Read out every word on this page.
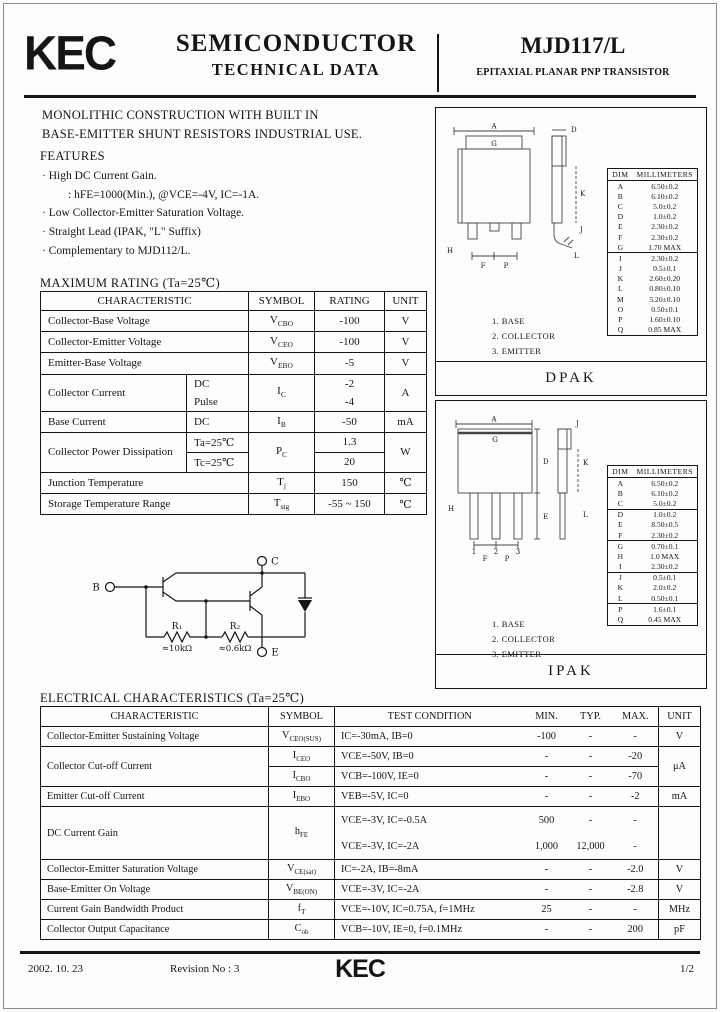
KEC	SEMICONDUCTOR
TECHNICAL DATA
MJD117/L
EPITAXIAL PLANAR PNP TRANSISTOR
MONOLITHIC CONSTRUCTION WITH BUILT IN
BASE-EMITTER SHUNT RESISTORS INDUSTRIAL USE.
FEATURES
· High DC Current Gain.
: hFE=1000(Min.), @VCE=-4V, IC=-1A.
· Low Collector-Emitter Saturation Voltage.
· Straight Lead (IPAK, "L" Suffix)
· Complementary to MJD112/L.
MAXIMUM RATING (Ta=25℃)
CHARACTERISTIC		SYMBOL	RATING	UNIT
Collector-Base Voltage		$V_{CBO}$	-100	V
Collector-Emitter Voltage		$V_{CEO}$	-100	V
Emitter-Base Voltage		$V_{EBO}$	-5	V
Collector Current	DC	$I_C$	-2	A
	Pulse		-4	
Base Current	DC	$I_B$	-50	mA
Collector Power Dissipation	Ta=25℃	$P_C$	1.3	W
	Tc=25℃		20	
Junction Temperature		$T_j$	150	℃
Storage Temperature Range		$T_{stg}$	-55 ~ 150	℃
B
C
E
R₁
≈10kΩ
R₂
≈0.6kΩ
A
G
H
F	P
D
K
J
L
DIM	MILLIMETERS
A	6.50±0.2
B	6.10±0.2
C	5.0±0.2
D	1.0±0.2
E	2.30±0.2
F	2.30±0.2
G	1.70 MAX
I	2.30±0.2
J	0.5±0.1
K	2.60±0.20
L	0.80±0.10
M	5.20±0.10
O	0.50±0.1
P	1.60±0.10
Q	0.85 MAX
1. BASE
2. COLLECTOR
3. EMITTER
DPAK
A
G
D
E
H
F P
1	2	3
J
K
L
DIM	MILLIMETERS
A	6.50±0.2
B	6.10±0.2
C	5.0±0.2
D	1.0±0.2
E	8.50±0.5
F	2.30±0.2
G	0.70±0.1
H	1.0 MAX
I	2.30±0.2
J	0.5±0.1
K	2.0±0.2
L	0.50±0.1
P	1.6±0.1
Q	0.45 MAX
1. BASE
2. COLLECTOR
3. EMITTER
IPAK
ELECTRICAL CHARACTERISTICS (Ta=25℃)
CHARACTERISTIC	SYMBOL	TEST CONDITION	MIN.	TYP.	MAX.	UNIT
Collector-Emitter Sustaining Voltage	$V_{CEO(SUS)}$	IC=-30mA, IB=0	-100	-	-	V
Collector Cut-off Current	$I_{CEO}$	VCE=-50V, IB=0	-	-	-20	μA
	$I_{CBO}$	VCB=-100V, IE=0	-	-	-70	
Emitter Cut-off Current	$I_{EBO}$	VEB=-5V, IC=0	-	-	-2	mA
DC Current Gain	$h_{FE}$	VCE=-3V, IC=-0.5A	500	-	-	
		VCE=-3V, IC=-2A	1,000	12,000	-	
Collector-Emitter Saturation Voltage	$V_{CE(sat)}$	IC=-2A, IB=-8mA	-	-	-2.0	V
Base-Emitter On Voltage	$V_{BE(ON)}$	VCE=-3V, IC=-2A	-	-	-2.8	V
Current Gain Bandwidth Product	$f_T$	VCE=-10V, IC=0.75A, f=1MHz	25	-	-	MHz
Collector Output Capacitance	$C_{ob}$	VCB=-10V, IE=0, f=0.1MHz	-	-	200	pF
2002. 10. 23	Revision No : 3	KEC	1/2
